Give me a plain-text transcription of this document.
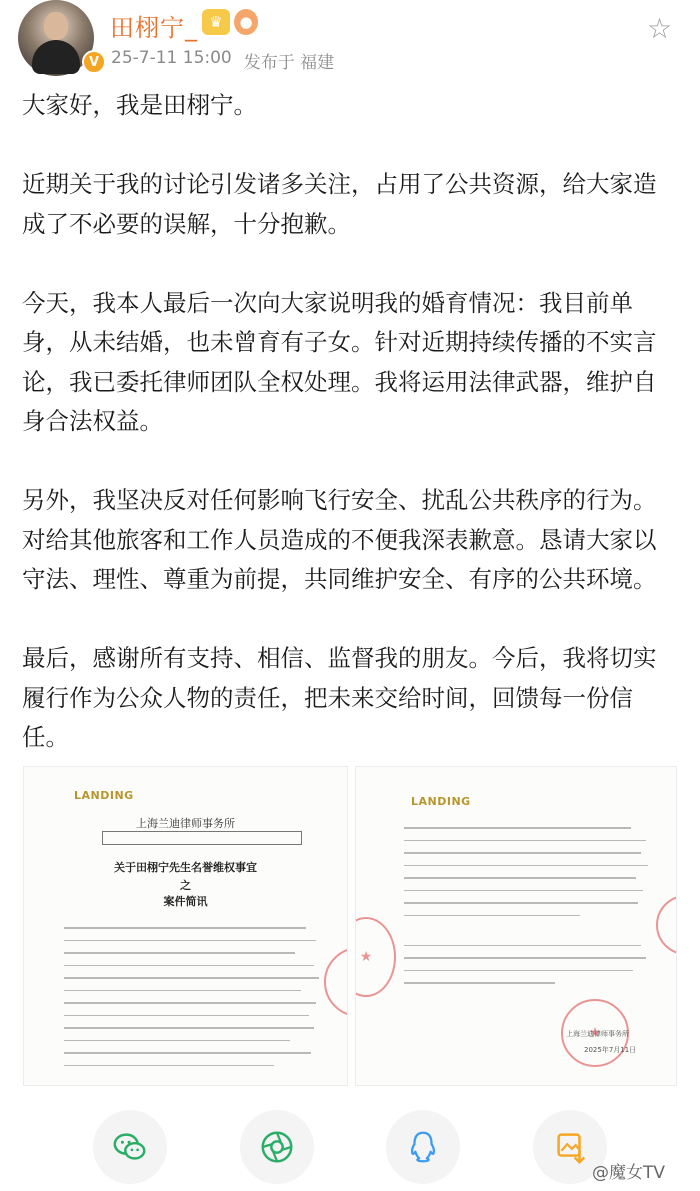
V
田栩宁_ ♛	●
25-7-11 15:00 发布于 福建
☆

大家好，我是田栩宁。

近期关于我的讨论引发诸多关注，占用了公共资源，给大家造成了不必要的误解，十分抱歉。

今天，我本人最后一次向大家说明我的婚育情况：我目前单身，从未结婚，也未曾育有子女。针对近期持续传播的不实言论，我已委托律师团队全权处理。我将运用法律武器，维护自身合法权益。

另外，我坚决反对任何影响飞行安全、扰乱公共秩序的行为。对给其他旅客和工作人员造成的不便我深表歉意。恳请大家以守法、理性、尊重为前提，共同维护安全、有序的公共环境。

最后，感谢所有支持、相信、监督我的朋友。今后，我将切实履行作为公众人物的责任，把未来交给时间，回馈每一份信任。

LANDING
上海兰迪律师事务所
关于田栩宁先生名誉维权事宜
之
案件简讯
★
LANDING
★
★
★
上海兰迪律师事务所
2025年7月11日
@魔女TV
